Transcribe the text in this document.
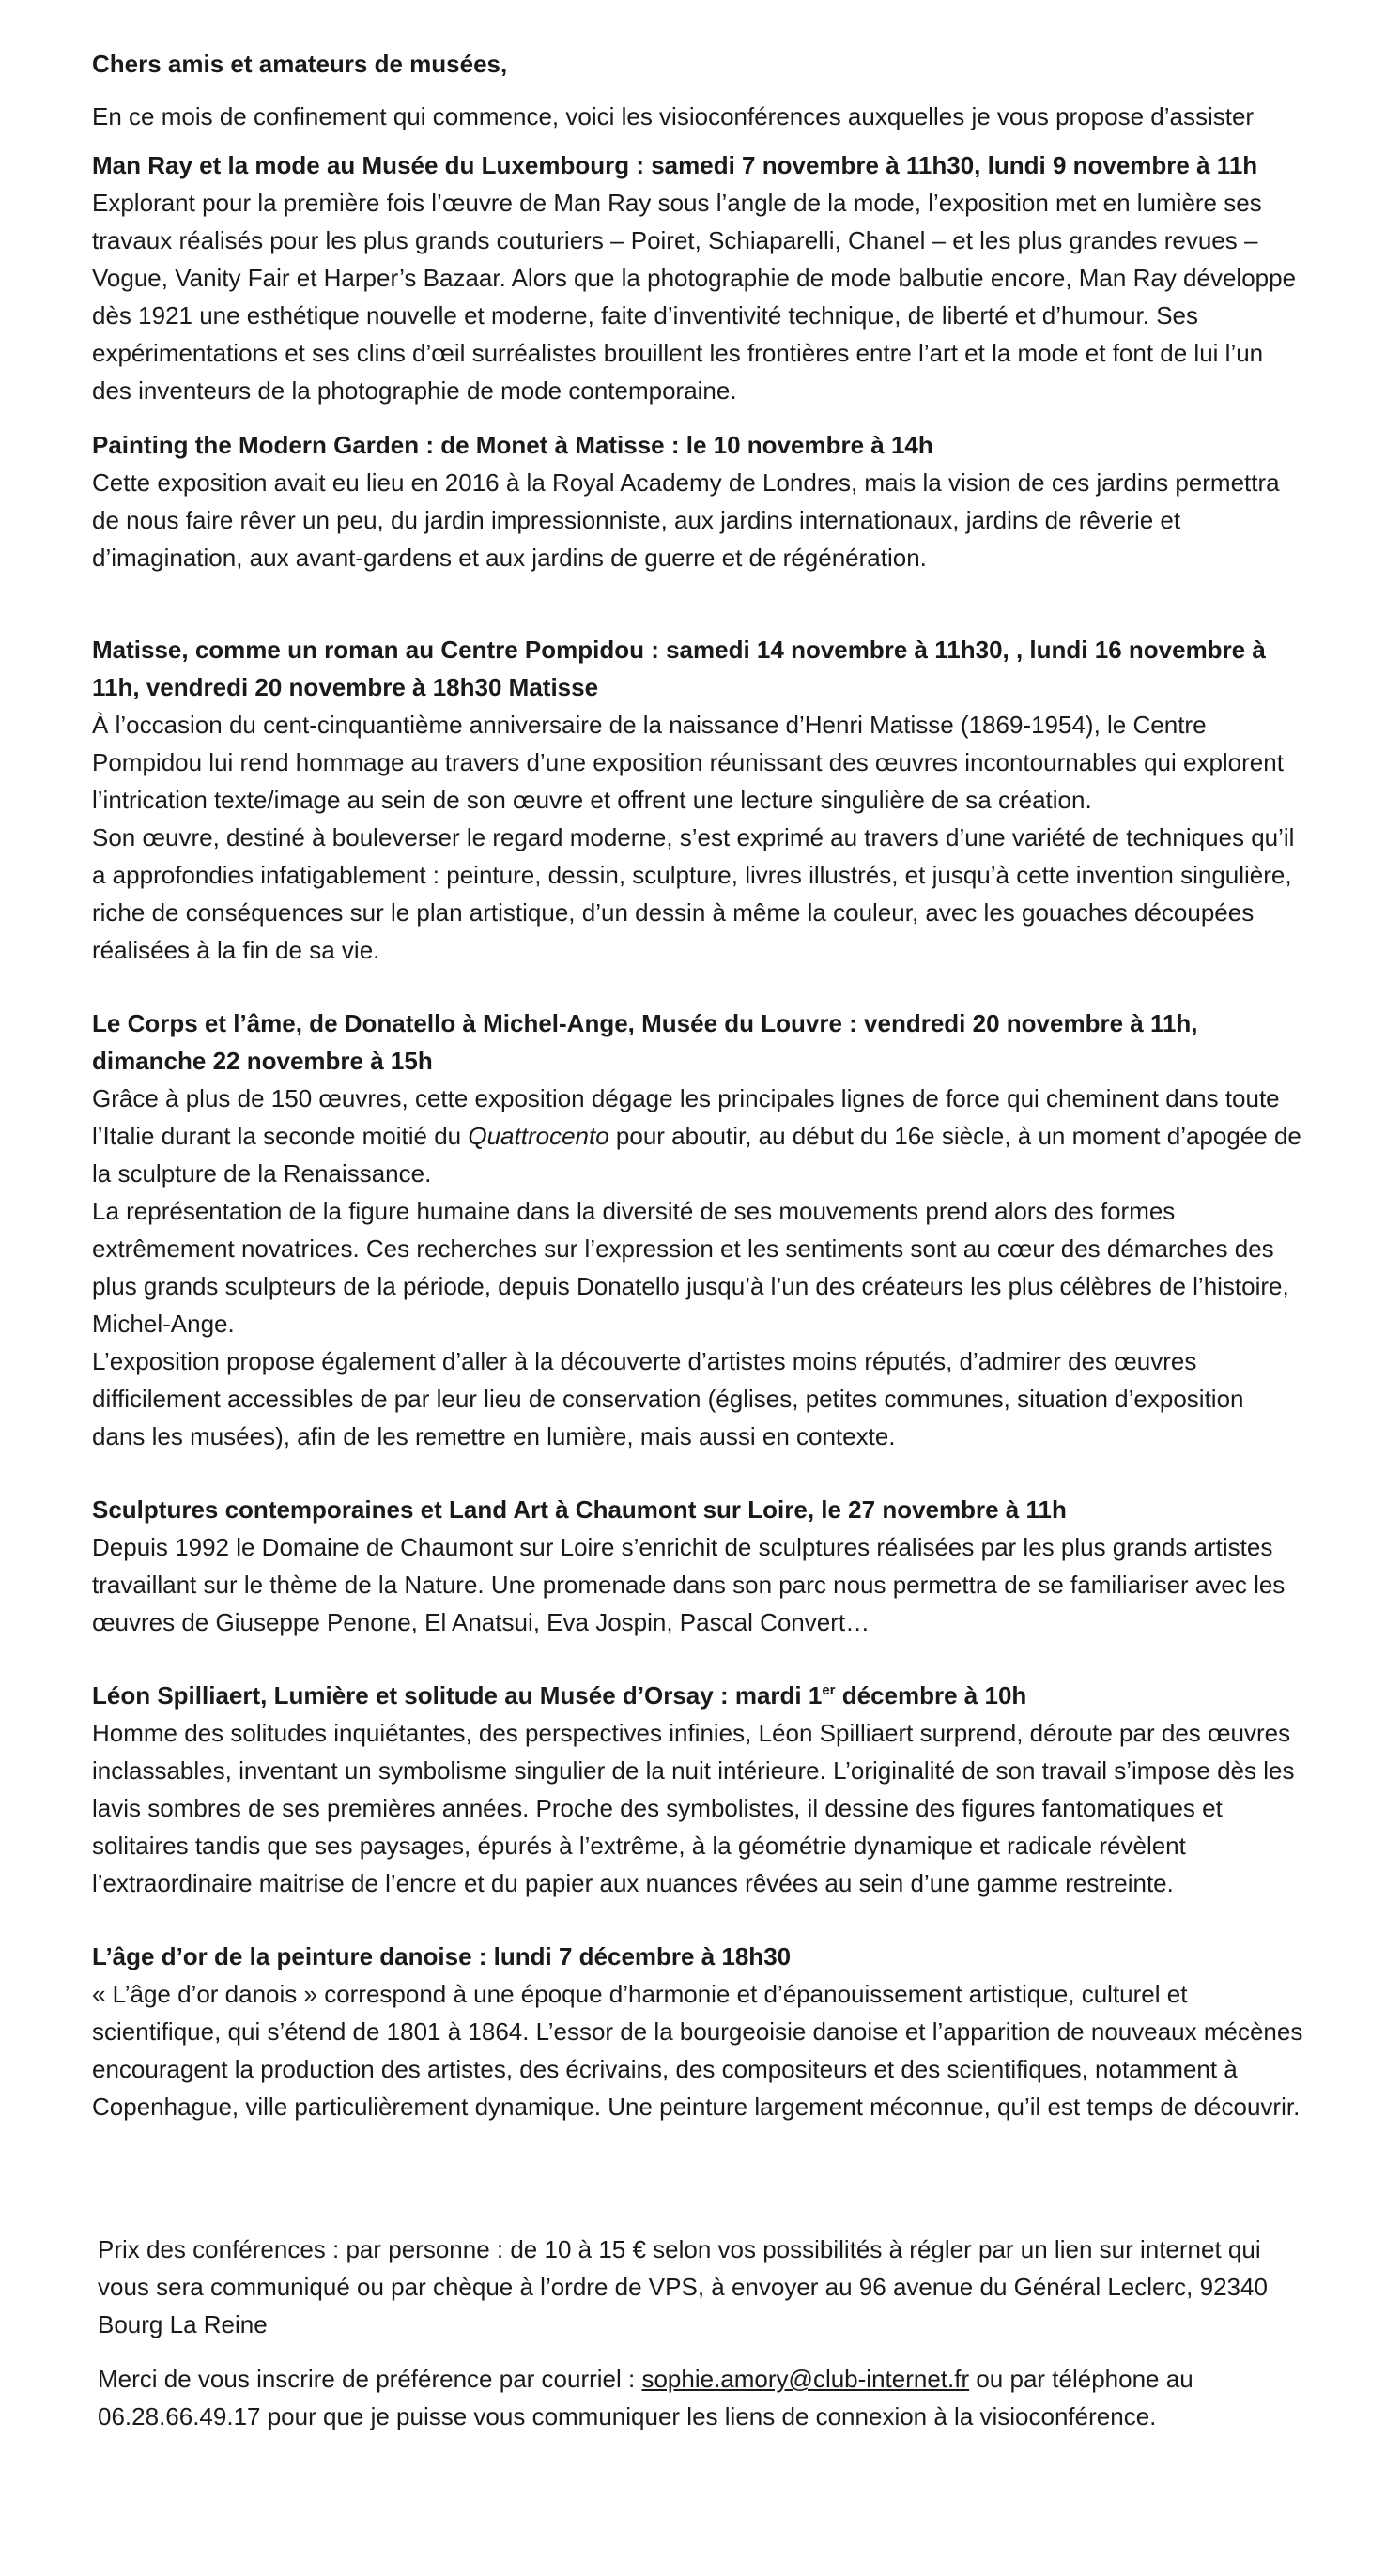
Chers amis et amateurs de musées,

En ce mois de confinement qui commence, voici les visioconférences auxquelles je vous propose d’assister

Man Ray et la mode au Musée du Luxembourg : samedi 7 novembre à 11h30, lundi 9 novembre à 11h

Explorant pour la première fois l’œuvre de Man Ray sous l’angle de la mode, l’exposition met en lumière ses travaux réalisés pour les plus grands couturiers – Poiret, Schiaparelli, Chanel – et les plus grandes revues – Vogue, Vanity Fair et Harper’s Bazaar. Alors que la photographie de mode balbutie encore, Man Ray développe dès 1921 une esthétique nouvelle et moderne, faite d’inventivité technique, de liberté et d’humour. Ses expérimentations et ses clins d’œil surréalistes brouillent les frontières entre l’art et la mode et font de lui l’un des inventeurs de la photographie de mode contemporaine.

Painting the Modern Garden : de Monet à Matisse : le 10 novembre à 14h

Cette exposition avait eu lieu en 2016 à la Royal Academy de Londres, mais la vision de ces jardins permettra de nous faire rêver un peu, du jardin impressionniste, aux jardins internationaux, jardins de rêverie et d’imagination, aux avant-gardens et aux jardins de guerre et de régénération.

Matisse, comme un roman au Centre Pompidou : samedi 14 novembre à 11h30, , lundi 16 novembre à 11h, vendredi 20 novembre à 18h30 Matisse

À l’occasion du cent-cinquantième anniversaire de la naissance d’Henri Matisse (1869-1954), le Centre Pompidou lui rend hommage au travers d’une exposition réunissant des œuvres incontournables qui explorent l’intrication texte/image au sein de son œuvre et offrent une lecture singulière de sa création.

Son œuvre, destiné à bouleverser le regard moderne, s’est exprimé au travers d’une variété de techniques qu’il a approfondies infatigablement : peinture, dessin, sculpture, livres illustrés, et jusqu’à cette invention singulière, riche de conséquences sur le plan artistique, d’un dessin à même la couleur, avec les gouaches découpées réalisées à la fin de sa vie.

Le Corps et l’âme, de Donatello à Michel-Ange, Musée du Louvre : vendredi 20 novembre à 11h, dimanche 22 novembre à 15h

Grâce à plus de 150 œuvres, cette exposition dégage les principales lignes de force qui cheminent dans toute l’Italie durant la seconde moitié du Quattrocento pour aboutir, au début du 16e siècle, à un moment d’apogée de la sculpture de la Renaissance.

La représentation de la figure humaine dans la diversité de ses mouvements prend alors des formes extrêmement novatrices. Ces recherches sur l’expression et les sentiments sont au cœur des démarches des plus grands sculpteurs de la période, depuis Donatello jusqu’à l’un des créateurs les plus célèbres de l’histoire, Michel-Ange.

L’exposition propose également d’aller à la découverte d’artistes moins réputés, d’admirer des œuvres difficilement accessibles de par leur lieu de conservation (églises, petites communes, situation d’exposition dans les musées), afin de les remettre en lumière, mais aussi en contexte.

Sculptures contemporaines et Land Art à Chaumont sur Loire, le 27 novembre à 11h

Depuis 1992 le Domaine de Chaumont sur Loire s’enrichit de sculptures réalisées par les plus grands artistes travaillant sur le thème de la Nature. Une promenade dans son parc nous permettra de se familiariser avec les œuvres de Giuseppe Penone, El Anatsui, Eva Jospin, Pascal Convert…

Léon Spilliaert, Lumière et solitude au Musée d’Orsay : mardi 1er décembre à 10h

Homme des solitudes inquiétantes, des perspectives infinies, Léon Spilliaert surprend, déroute par des œuvres inclassables, inventant un symbolisme singulier de la nuit intérieure. L’originalité de son travail s’impose dès les lavis sombres de ses premières années. Proche des symbolistes, il dessine des figures fantomatiques et solitaires tandis que ses paysages, épurés à l’extrême, à la géométrie dynamique et radicale révèlent l’extraordinaire maitrise de l’encre et du papier aux nuances rêvées au sein d’une gamme restreinte.

L’âge d’or de la peinture danoise : lundi 7 décembre à 18h30

« L’âge d’or danois » correspond à une époque d’harmonie et d’épanouissement artistique, culturel et scientifique, qui s’étend de 1801 à 1864. L’essor de la bourgeoisie danoise et l’apparition de nouveaux mécènes encouragent la production des artistes, des écrivains, des compositeurs et des scientifiques, notamment à Copenhague, ville particulièrement dynamique. Une peinture largement méconnue, qu’il est temps de découvrir.

Prix des conférences : par personne : de 10 à 15 € selon vos possibilités à régler par un lien sur internet qui vous sera communiqué ou par chèque à l’ordre de VPS, à envoyer au 96 avenue du Général Leclerc, 92340 Bourg La Reine

Merci de vous inscrire de préférence par courriel : sophie.amory@club-internet.fr ou par téléphone au 06.28.66.49.17 pour que je puisse vous communiquer les liens de connexion à la visioconférence.
